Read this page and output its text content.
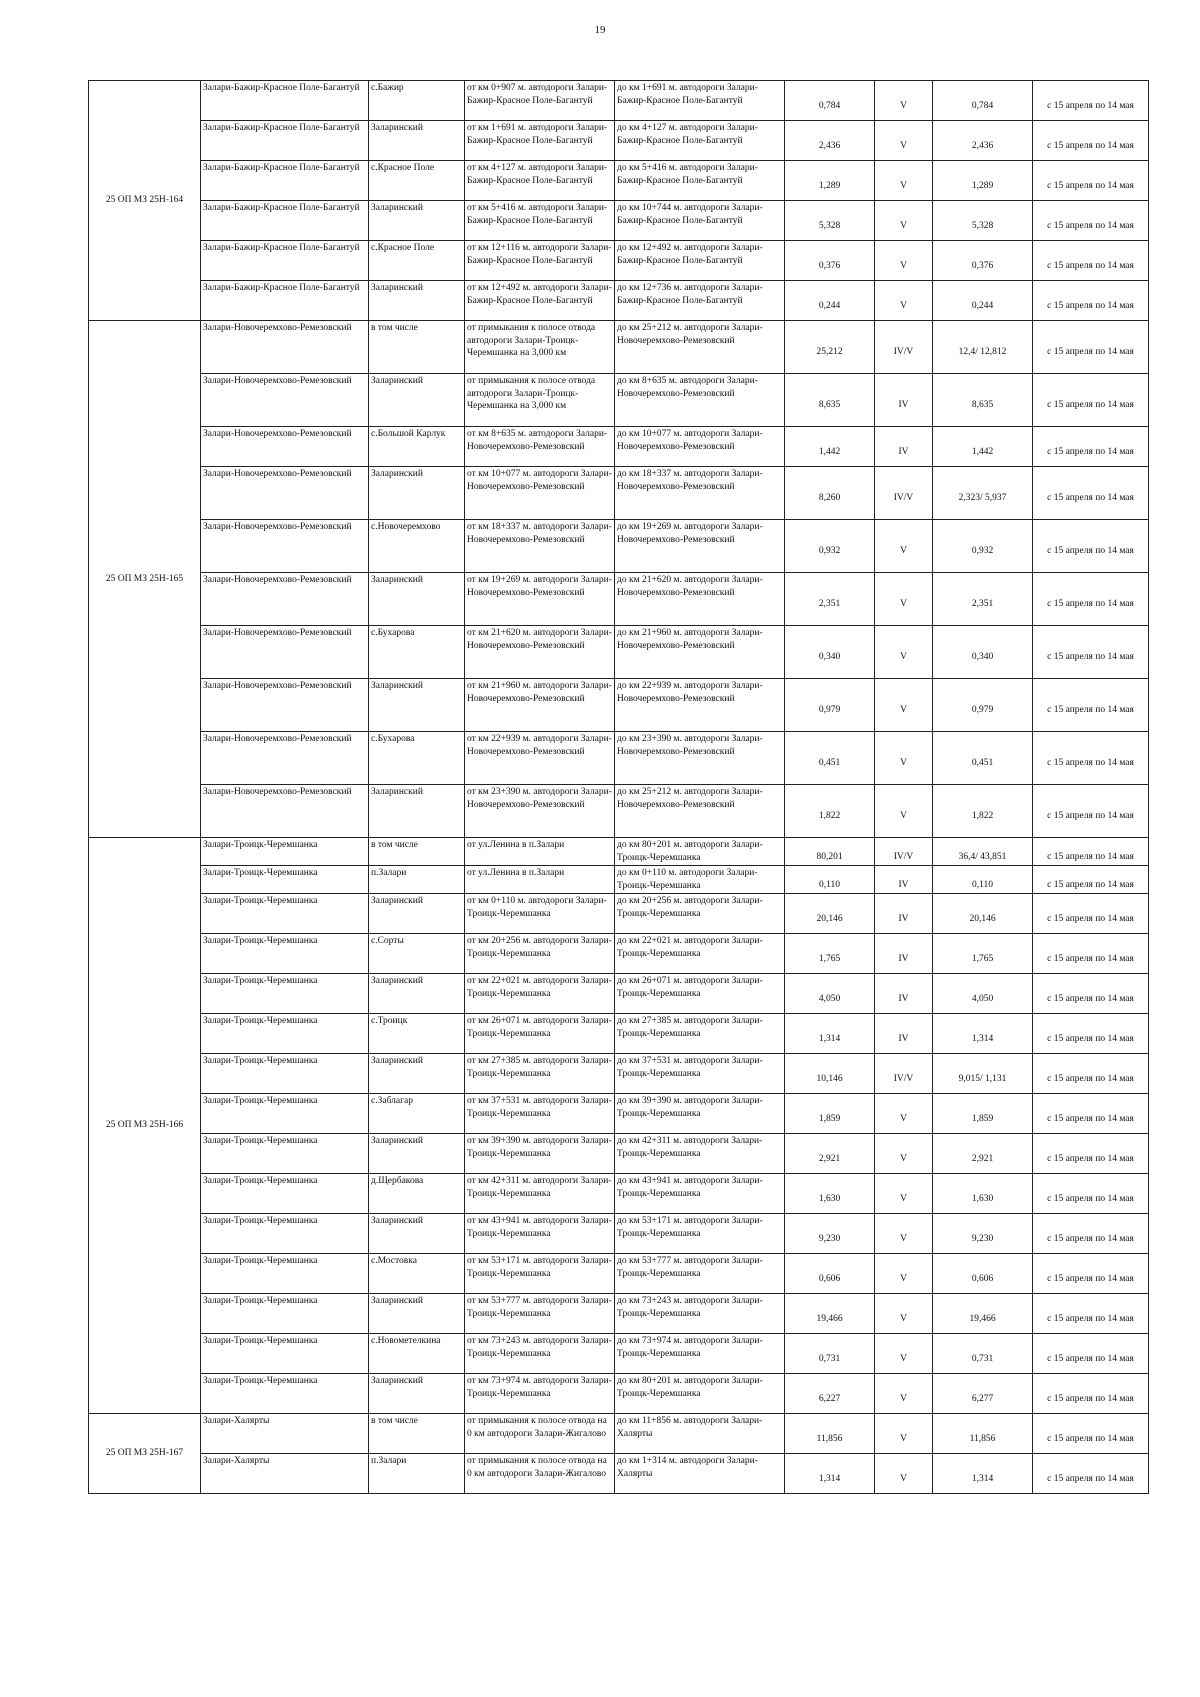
19
25 ОП МЗ 25Н-164	Залари-Бажир-Красное Поле-Багантуй	с.Бажир	от км 0+907 м. автодороги Залари-Бажир-Красное Поле-Багантуй	до км 1+691 м. автодороги Залари-Бажир-Красное Поле-Багантуй	0,784	V	0,784	с 15 апреля по 14 мая
	Залари-Бажир-Красное Поле-Багантуй	Заларинский	от км 1+691 м. автодороги Залари-Бажир-Красное Поле-Багантуй	до км 4+127 м. автодороги Залари-Бажир-Красное Поле-Багантуй	2,436	V	2,436	с 15 апреля по 14 мая
	Залари-Бажир-Красное Поле-Багантуй	с.Красное Поле	от км 4+127 м. автодороги Залари-Бажир-Красное Поле-Багантуй	до км 5+416 м. автодороги Залари-Бажир-Красное Поле-Багантуй	1,289	V	1,289	с 15 апреля по 14 мая
	Залари-Бажир-Красное Поле-Багантуй	Заларинский	от км 5+416 м. автодороги Залари-Бажир-Красное Поле-Багантуй	до км 10+744 м. автодороги Залари-Бажир-Красное Поле-Багантуй	5,328	V	5,328	с 15 апреля по 14 мая
	Залари-Бажир-Красное Поле-Багантуй	с.Красное Поле	от км 12+116 м. автодороги Залари-Бажир-Красное Поле-Багантуй	до км 12+492 м. автодороги Залари-Бажир-Красное Поле-Багантуй	0,376	V	0,376	с 15 апреля по 14 мая
	Залари-Бажир-Красное Поле-Багантуй	Заларинский	от км 12+492 м. автодороги Залари-Бажир-Красное Поле-Багантуй	до км 12+736 м. автодороги Залари-Бажир-Красное Поле-Багантуй	0,244	V	0,244	с 15 апреля по 14 мая
25 ОП МЗ 25Н-165	Залари-Новочеремхово-Ремезовский	в том числе	от примыкания к полосе отвода автодороги Залари-Троицк-Черемшанка на 3,000 км	до км 25+212 м. автодороги Залари-Новочеремхово-Ремезовский	25,212	IV/V	12,4/ 12,812	с 15 апреля по 14 мая
	Залари-Новочеремхово-Ремезовский	Заларинский	от примыкания к полосе отвода автодороги Залари-Троицк-Черемшанка на 3,000 км	до км 8+635 м. автодороги Залари-Новочеремхово-Ремезовский	8,635	IV	8,635	с 15 апреля по 14 мая
	Залари-Новочеремхово-Ремезовский	с.Большой Карлук	от км 8+635 м. автодороги Залари-Новочеремхово-Ремезовский	до км 10+077 м. автодороги Залари-Новочеремхово-Ремезовский	1,442	IV	1,442	с 15 апреля по 14 мая
	Залари-Новочеремхово-Ремезовский	Заларинский	от км 10+077 м. автодороги Залари-Новочеремхово-Ремезовский	до км 18+337 м. автодороги Залари-Новочеремхово-Ремезовский	8,260	IV/V	2,323/ 5,937	с 15 апреля по 14 мая
	Залари-Новочеремхово-Ремезовский	с.Новочеремхово	от км 18+337 м. автодороги Залари-Новочеремхово-Ремезовский	до км 19+269 м. автодороги Залари-Новочеремхово-Ремезовский	0,932	V	0,932	с 15 апреля по 14 мая
	Залари-Новочеремхово-Ремезовский	Заларинский	от км 19+269 м. автодороги Залари-Новочеремхово-Ремезовский	до км 21+620 м. автодороги Залари-Новочеремхово-Ремезовский	2,351	V	2,351	с 15 апреля по 14 мая
	Залари-Новочеремхово-Ремезовский	с.Бухарова	от км 21+620 м. автодороги Залари-Новочеремхово-Ремезовский	до км 21+960 м. автодороги Залари-Новочеремхово-Ремезовский	0,340	V	0,340	с 15 апреля по 14 мая
	Залари-Новочеремхово-Ремезовский	Заларинский	от км 21+960 м. автодороги Залари-Новочеремхово-Ремезовский	до км 22+939 м. автодороги Залари-Новочеремхово-Ремезовский	0,979	V	0,979	с 15 апреля по 14 мая
	Залари-Новочеремхово-Ремезовский	с.Бухарова	от км 22+939 м. автодороги Залари-Новочеремхово-Ремезовский	до км 23+390 м. автодороги Залари-Новочеремхово-Ремезовский	0,451	V	0,451	с 15 апреля по 14 мая
	Залари-Новочеремхово-Ремезовский	Заларинский	от км 23+390 м. автодороги Залари-Новочеремхово-Ремезовский	до км 25+212 м. автодороги Залари-Новочеремхово-Ремезовский	1,822	V	1,822	с 15 апреля по 14 мая
25 ОП МЗ 25Н-166	Залари-Троицк-Черемшанка	в том числе	от ул.Ленина в п.Залари	до км 80+201 м. автодороги Залари-Троицк-Черемшанка	80,201	IV/V	36,4/ 43,851	с 15 апреля по 14 мая
	Залари-Троицк-Черемшанка	п.Залари	от ул.Ленина в п.Залари	до км 0+110 м. автодороги Залари-Троицк-Черемшанка	0,110	IV	0,110	с 15 апреля по 14 мая
	Залари-Троицк-Черемшанка	Заларинский	от км 0+110 м. автодороги Залари-Троицк-Черемшанка	до км 20+256 м. автодороги Залари-Троицк-Черемшанка	20,146	IV	20,146	с 15 апреля по 14 мая
	Залари-Троицк-Черемшанка	с.Сорты	от км 20+256 м. автодороги Залари-Троицк-Черемшанка	до км 22+021 м. автодороги Залари-Троицк-Черемшанка	1,765	IV	1,765	с 15 апреля по 14 мая
	Залари-Троицк-Черемшанка	Заларинский	от км 22+021 м. автодороги Залари-Троицк-Черемшанка	до км 26+071 м. автодороги Залари-Троицк-Черемшанка	4,050	IV	4,050	с 15 апреля по 14 мая
	Залари-Троицк-Черемшанка	с.Троицк	от км 26+071 м. автодороги Залари-Троицк-Черемшанка	до км 27+385 м. автодороги Залари-Троицк-Черемшанка	1,314	IV	1,314	с 15 апреля по 14 мая
	Залари-Троицк-Черемшанка	Заларинский	от км 27+385 м. автодороги Залари-Троицк-Черемшанка	до км 37+531 м. автодороги Залари-Троицк-Черемшанка	10,146	IV/V	9,015/ 1,131	с 15 апреля по 14 мая
	Залари-Троицк-Черемшанка	с.Заблагар	от км 37+531 м. автодороги Залари-Троицк-Черемшанка	до км 39+390 м. автодороги Залари-Троицк-Черемшанка	1,859	V	1,859	с 15 апреля по 14 мая
	Залари-Троицк-Черемшанка	Заларинский	от км 39+390 м. автодороги Залари-Троицк-Черемшанка	до км 42+311 м. автодороги Залари-Троицк-Черемшанка	2,921	V	2,921	с 15 апреля по 14 мая
	Залари-Троицк-Черемшанка	д.Щербакова	от км 42+311 м. автодороги Залари-Троицк-Черемшанка	до км 43+941 м. автодороги Залари-Троицк-Черемшанка	1,630	V	1,630	с 15 апреля по 14 мая
	Залари-Троицк-Черемшанка	Заларинский	от км 43+941 м. автодороги Залари-Троицк-Черемшанка	до км 53+171 м. автодороги Залари-Троицк-Черемшанка	9,230	V	9,230	с 15 апреля по 14 мая
	Залари-Троицк-Черемшанка	с.Мостовка	от км 53+171 м. автодороги Залари-Троицк-Черемшанка	до км 53+777 м. автодороги Залари-Троицк-Черемшанка	0,606	V	0,606	с 15 апреля по 14 мая
	Залари-Троицк-Черемшанка	Заларинский	от км 53+777 м. автодороги Залари-Троицк-Черемшанка	до км 73+243 м. автодороги Залари-Троицк-Черемшанка	19,466	V	19,466	с 15 апреля по 14 мая
	Залари-Троицк-Черемшанка	с.Новометелкина	от км 73+243 м. автодороги Залари-Троицк-Черемшанка	до км 73+974 м. автодороги Залари-Троицк-Черемшанка	0,731	V	0,731	с 15 апреля по 14 мая
	Залари-Троицк-Черемшанка	Заларинский	от км 73+974 м. автодороги Залари-Троицк-Черемшанка	до км 80+201 м. автодороги Залари-Троицк-Черемшанка	6,227	V	6,277	с 15 апреля по 14 мая
25 ОП МЗ 25Н-167	Залари-Халярты	в том числе	от примыкания к полосе отвода на 0 км автодороги Залари-Жигалово	до км 11+856 м. автодороги Залари-Халярты	11,856	V	11,856	с 15 апреля по 14 мая
	Залари-Халярты	п.Залари	от примыкания к полосе отвода на 0 км автодороги Залари-Жигалово	до км 1+314 м. автодороги Залари-Халярты	1,314	V	1,314	с 15 апреля по 14 мая
